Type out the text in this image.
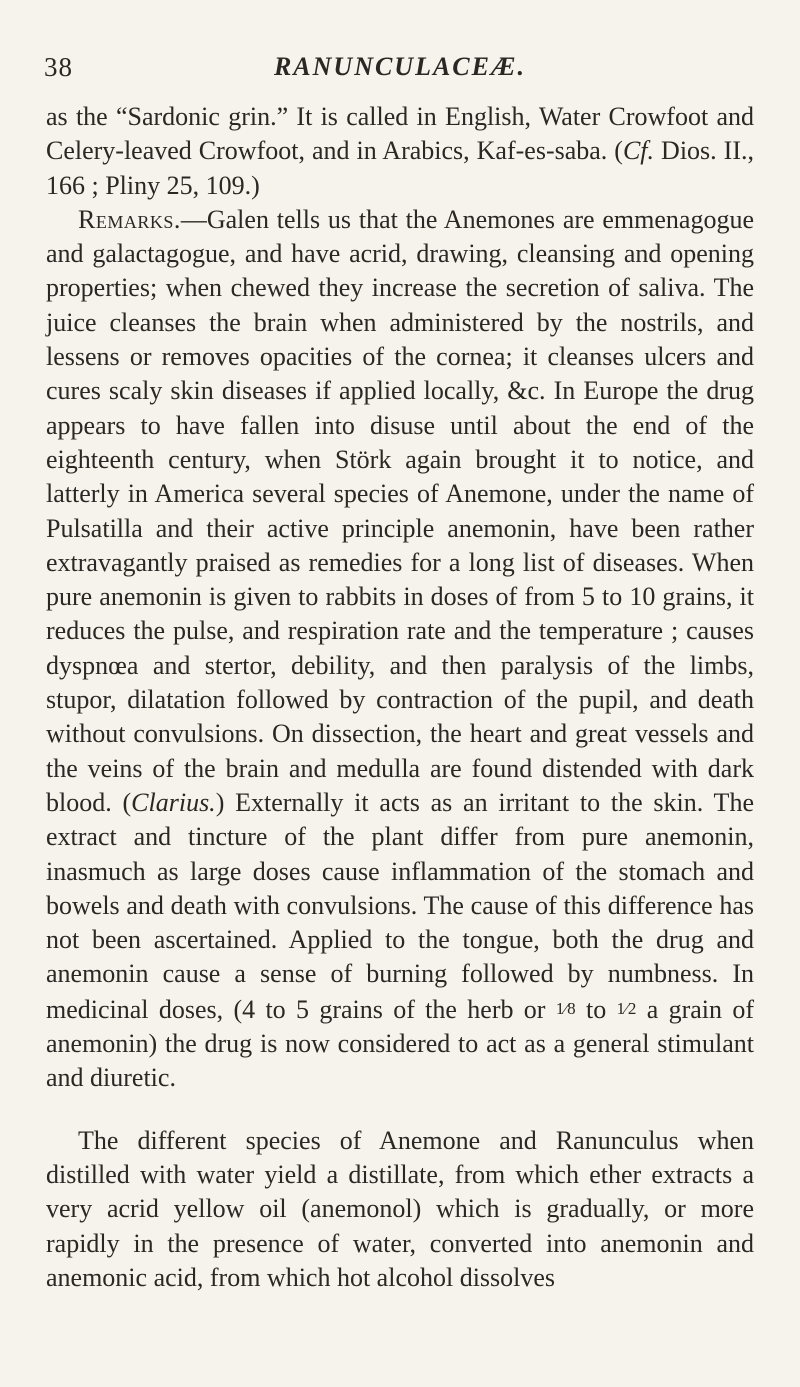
38	RANUNCULACEÆ.

as the “Sardonic grin.” It is called in English, Water Crowfoot and Celery-leaved Crowfoot, and in Arabics, Kaf-es-saba. (Cf. Dios. II., 166 ; Pliny 25, 109.)

Remarks.—Galen tells us that the Anemones are emmenagogue and galactagogue, and have acrid, drawing, cleansing and opening properties; when chewed they increase the secretion of saliva. The juice cleanses the brain when administered by the nostrils, and lessens or removes opacities of the cornea; it cleanses ulcers and cures scaly skin diseases if applied locally, &c. In Europe the drug appears to have fallen into disuse until about the end of the eighteenth century, when Störk again brought it to notice, and latterly in America several species of Anemone, under the name of Pulsatilla and their active principle anemonin, have been rather extravagantly praised as remedies for a long list of diseases. When pure anemonin is given to rabbits in doses of from 5 to 10 grains, it reduces the pulse, and respiration rate and the temperature ; causes dyspnœa and stertor, debility, and then paralysis of the limbs, stupor, dilatation followed by contraction of the pupil, and death without convulsions. On dissection, the heart and great vessels and the veins of the brain and medulla are found distended with dark blood. (Clarius.) Externally it acts as an irritant to the skin. The extract and tincture of the plant differ from pure anemonin, inasmuch as large doses cause inflammation of the stomach and bowels and death with convulsions. The cause of this difference has not been ascertained. Applied to the tongue, both the drug and anemonin cause a sense of burning followed by numbness. In medicinal doses, (4 to 5 grains of the herb or 1⁄8 to 1⁄2 a grain of anemonin) the drug is now considered to act as a general stimulant and diuretic.

The different species of Anemone and Ranunculus when distilled with water yield a distillate, from which ether extracts a very acrid yellow oil (anemonol) which is gradually, or more rapidly in the presence of water, converted into anemonin and anemonic acid, from which hot alcohol dissolves
